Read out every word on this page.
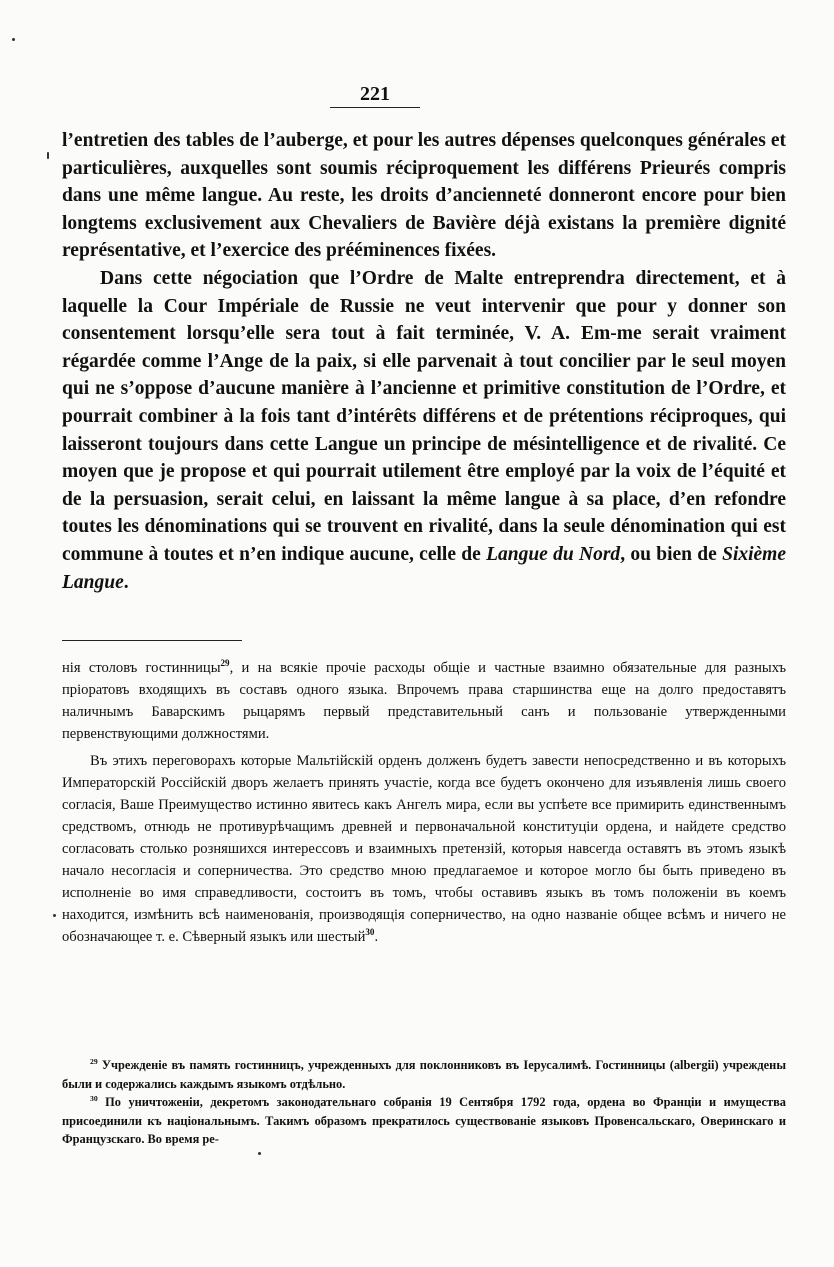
221

l’entretien des tables de l’auberge, et pour les autres dépenses quelconques générales et particulières, auxquelles sont soumis réciproquement les différens Prieurés compris dans une même langue. Au reste, les droits d’ancienneté donneront encore pour bien longtems exclusivement aux Chevaliers de Bavière déjà existans la première dignité représentative, et l’exercice des prééminences fixées.

Dans cette négociation que l’Ordre de Malte entreprendra directement, et à laquelle la Cour Impériale de Russie ne veut intervenir que pour y donner son consentement lorsqu’elle sera tout à fait terminée, V. A. Em-me serait vraiment régardée comme l’Ange de la paix, si elle parvenait à tout concilier par le seul moyen qui ne s’oppose d’aucune manière à l’ancienne et primitive constitution de l’Ordre, et pourrait combiner à la fois tant d’intérêts différens et de prétentions réciproques, qui laisseront toujours dans cette Langue un principe de mésintelligence et de rivalité. Ce moyen que je propose et qui pourrait utilement être employé par la voix de l’équité et de la persuasion, serait celui, en laissant la même langue à sa place, d’en refondre toutes les dénominations qui se trouvent en rivalité, dans la seule dénomination qui est commune à toutes et n’en indique aucune, celle de Langue du Nord, ou bien de Sixième Langue.

нія столовъ гостинницы$^{29}$, и на всякіе прочіе расходы общіе и частные взаимно обязательные для разныхъ пріоратовъ входящихъ въ составъ одного языка. Впрочемъ права старшинства еще на долго предоставятъ наличнымъ Баварскимъ рыцарямъ первый представительный санъ и пользованіе утвержденными первенствующими должностями.

Въ этихъ переговорахъ которые Мальтійскій орденъ долженъ будетъ завести непосредственно и въ которыхъ Императорскій Россійскій дворъ желаетъ принять участіе, когда все будетъ окончено для изъявленія лишь своего согласія, Ваше Преимущество истинно явитесь какъ Ангелъ мира, если вы успѣете все примирить единственнымъ средствомъ, отнюдь не противурѣчащимъ древней и первоначальной конституціи ордена, и найдете средство согласовать столько розняшихся интерессовъ и взаимныхъ претензій, которыя навсегда оставятъ въ этомъ языкѣ начало несогласія и соперничества. Это средство мною предлагаемое и которое могло бы быть приведено въ исполненіе во имя справедливости, состоитъ въ томъ, чтобы оставивъ языкъ въ томъ положеніи въ коемъ находится, измѣнить всѣ наименованія, производящія соперничество, на одно названіе общее всѣмъ и ничего не обозначающее т. е. Сѣверный языкъ или шестый$^{30}$.

$^{29}$ Учрежденіе въ память гостинницъ, учрежденныхъ для поклонниковъ въ Іерусалимѣ. Гостинницы (albergii) учреждены были и содержались каждымъ языкомъ отдѣльно.

$^{30}$ По уничтоженіи, декретомъ законодательнаго собранія 19 Сентября 1792 года, ордена во Франціи и имущества присоединили къ національнымъ. Такимъ образомъ прекратилось существованіе языковъ Провенсальскаго, Оверинскаго и Французскаго. Во время ре-
